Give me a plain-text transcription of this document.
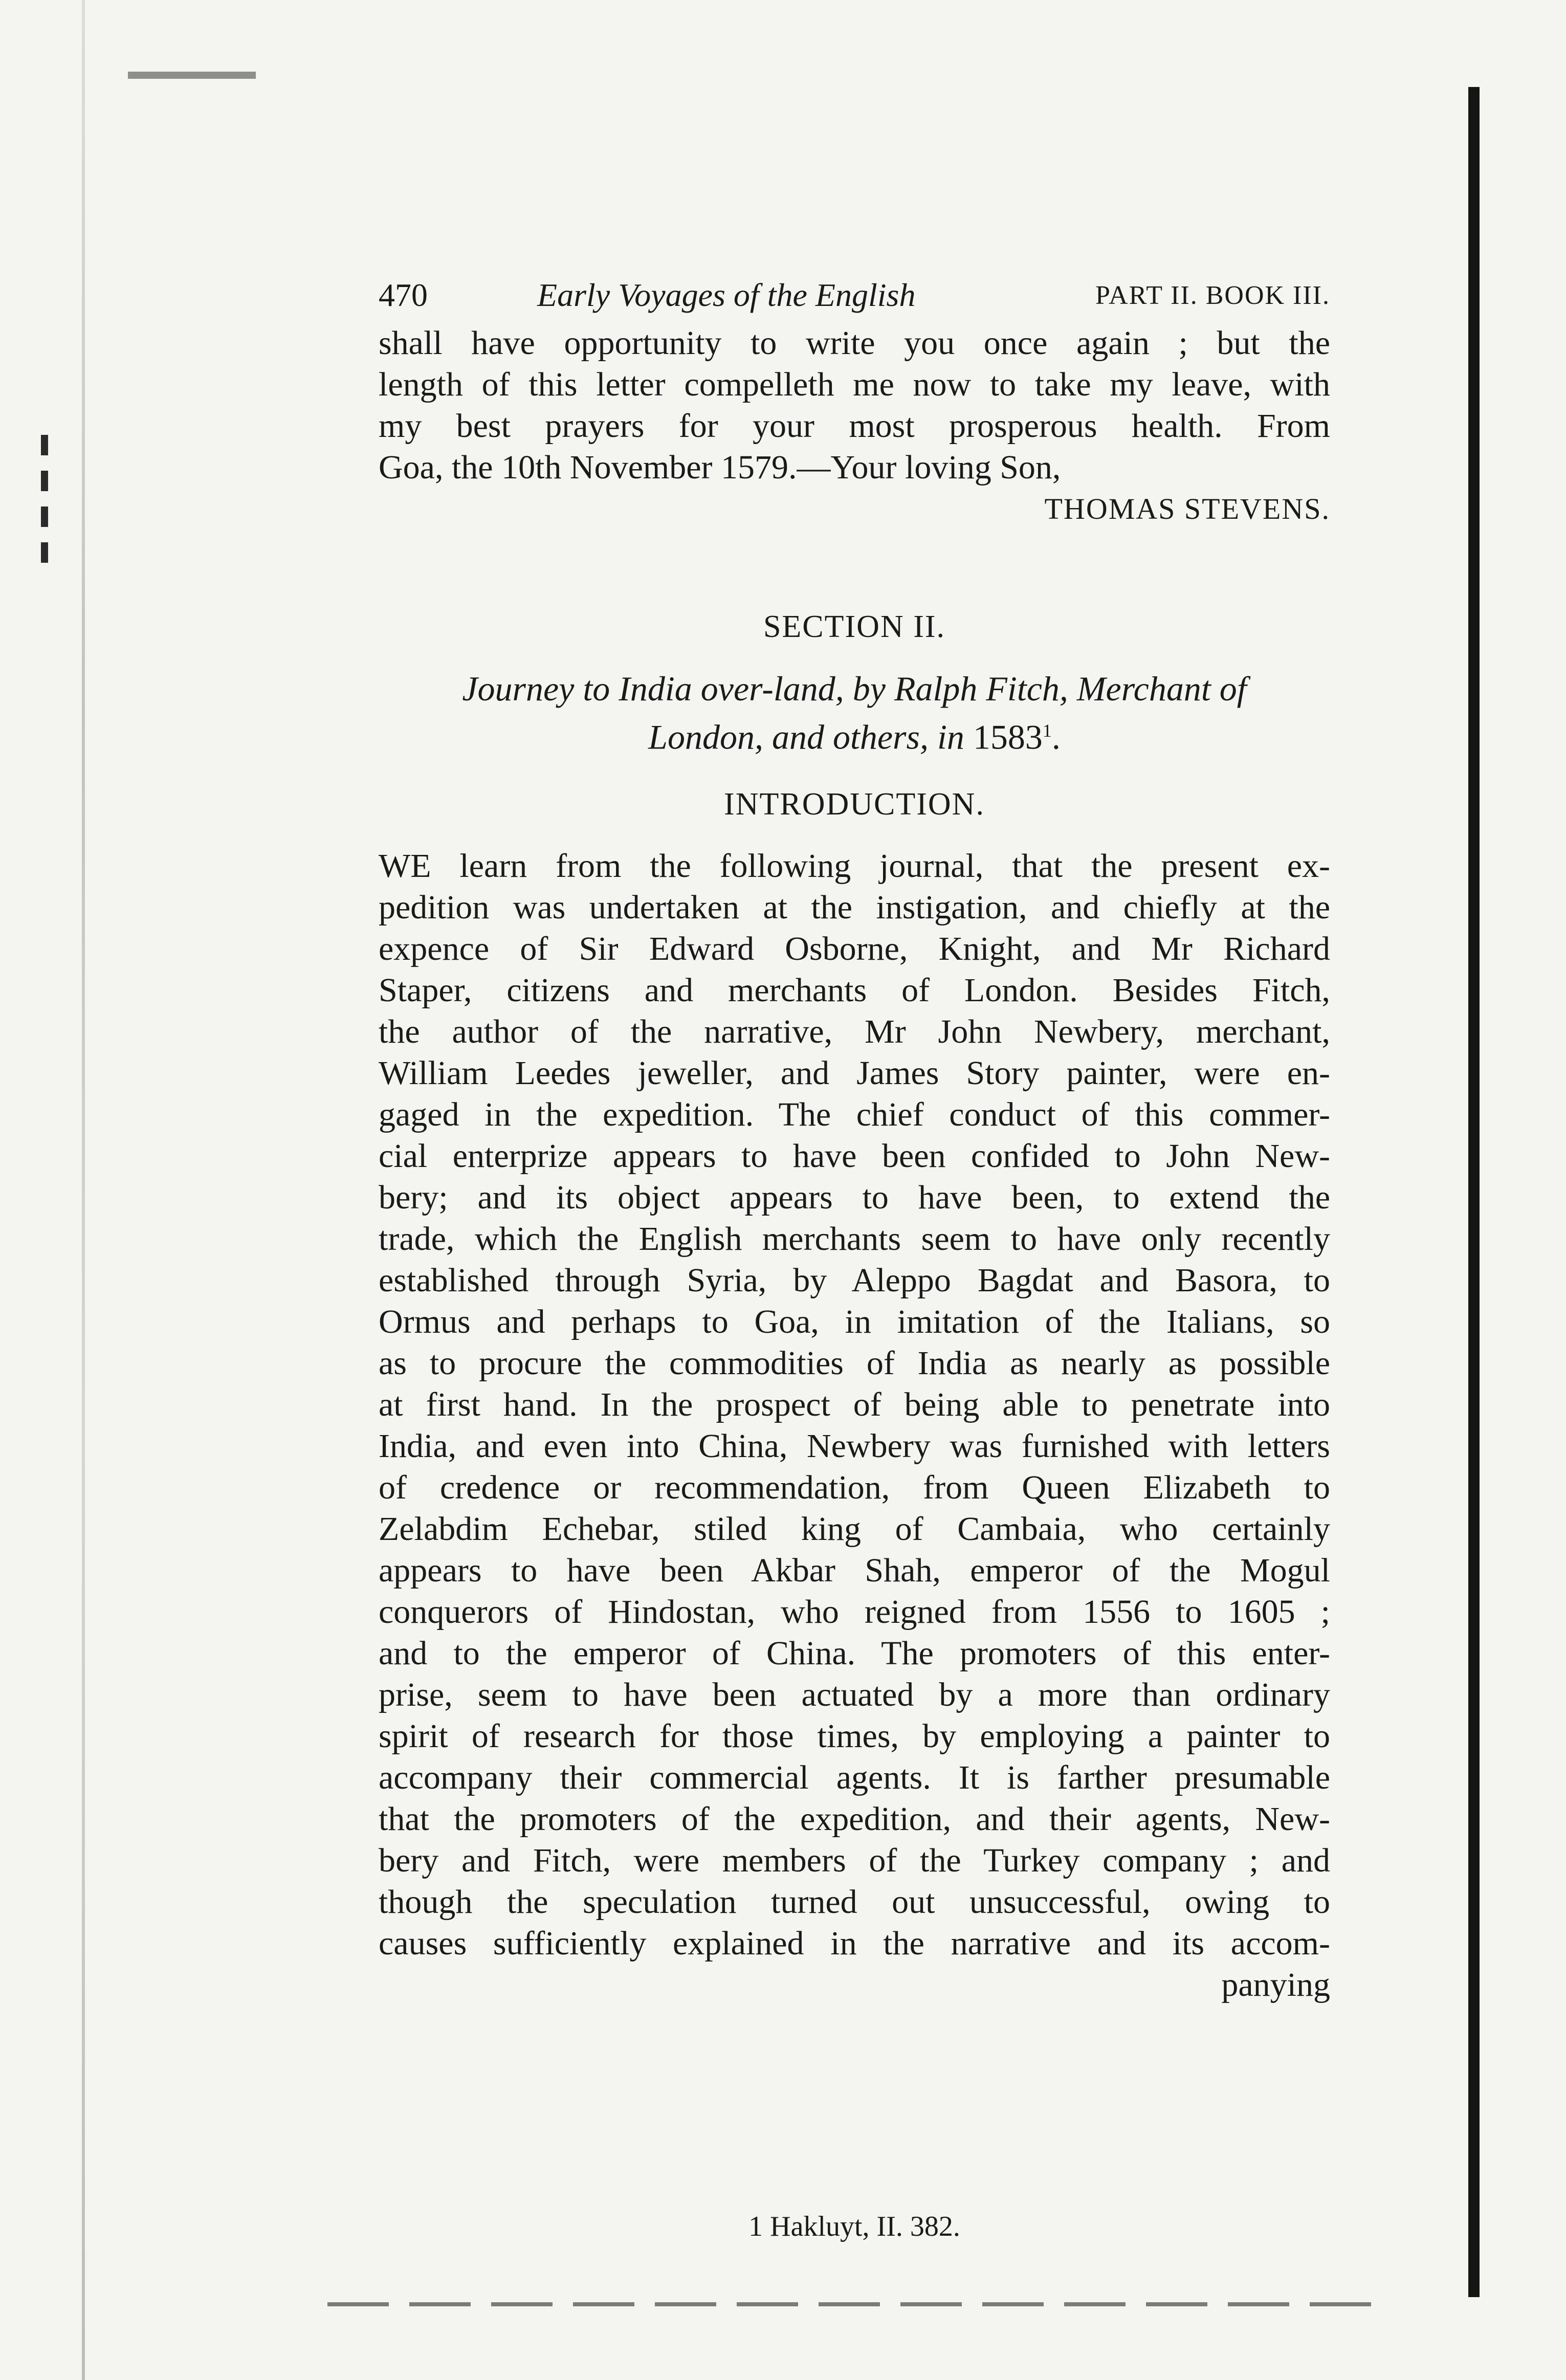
470	Early Voyages of the English	PART II. BOOK III.
shall have opportunity to write you once again ; but the
length of this letter compelleth me now to take my leave, with
my best prayers for your most prosperous health. From
Goa, the 10th November 1579.—Your loving Son,
THOMAS STEVENS.
SECTION II.
Journey to India over-land, by Ralph Fitch, Merchant of
London, and others, in 1583$^1$.
INTRODUCTION.
WE learn from the following journal, that the present ex-
pedition was undertaken at the instigation, and chiefly at the
expence of Sir Edward Osborne, Knight, and Mr Richard
Staper, citizens and merchants of London. Besides Fitch,
the author of the narrative, Mr John Newbery, merchant,
William Leedes jeweller, and James Story painter, were en-
gaged in the expedition. The chief conduct of this commer-
cial enterprize appears to have been confided to John New-
bery; and its object appears to have been, to extend the
trade, which the English merchants seem to have only recently
established through Syria, by Aleppo Bagdat and Basora, to
Ormus and perhaps to Goa, in imitation of the Italians, so
as to procure the commodities of India as nearly as possible
at first hand. In the prospect of being able to penetrate into
India, and even into China, Newbery was furnished with letters
of credence or recommendation, from Queen Elizabeth to
Zelabdim Echebar, stiled king of Cambaia, who certainly
appears to have been Akbar Shah, emperor of the Mogul
conquerors of Hindostan, who reigned from 1556 to 1605 ;
and to the emperor of China. The promoters of this enter-
prise, seem to have been actuated by a more than ordinary
spirit of research for those times, by employing a painter to
accompany their commercial agents. It is farther presumable
that the promoters of the expedition, and their agents, New-
bery and Fitch, were members of the Turkey company ; and
though the speculation turned out unsuccessful, owing to
causes sufficiently explained in the narrative and its accom-
panying
1 Hakluyt, II. 382.
